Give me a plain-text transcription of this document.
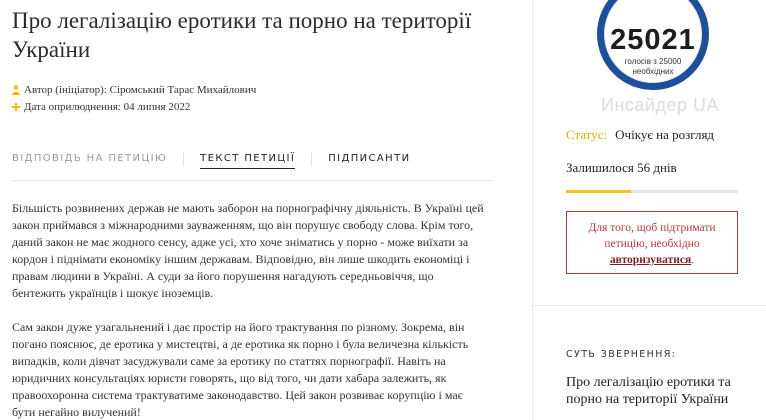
Про легалізацію еротики та порно на території України
Автор (ініціатор):
Сіромський Тарас Михайлович
Дата оприлюднення:
04 липня 2022
ВІДПОВІДЬ НА ПЕТИЦІЮ	ТЕКСТ ПЕТИЦІЇ	ПІДПИСАНТИ

Більшість розвинених держав не мають заборон на порнографічну діяльність. В Україні цей закон приймався з міжнародними зауваженням, що він порушує свободу слова. Крім того, даний закон не має жодного сенсу, адже усі, хто хоче зніматись у порно - може виїхати за кордон і піднімати економіку іншим державам. Відповідно, він лише шкодить економіці і правам людини в Україні. А суди за його порушення нагадують середньовіччя, що бентежить українців і шокує іноземців.

Сам закон дуже узагальнений і дає простір на його трактування по різному. Зокрема, він погано пояснює, де еротика у мистецтві, а де еротика як порно і була величезна кількість випадків, коли дівчат засуджували саме за еротику по статтях порнографії. Навіть на юридичних консультаціях юристи говорять, що від того, чи дати хабара залежить, як правоохоронна система трактуватиме законодавство. Цей закон розвиває корупцію і має бути негайно вилучений!

25021
голосів з 25000 необхідних
Инсайдер UA
Статус: Очікує на розгляд
Залишилося 56 днів
Для того, щоб підтримати петицію, необхідно авторизуватися.
СУТЬ ЗВЕРНЕННЯ:
Про легалізацію еротики та порно на території України
